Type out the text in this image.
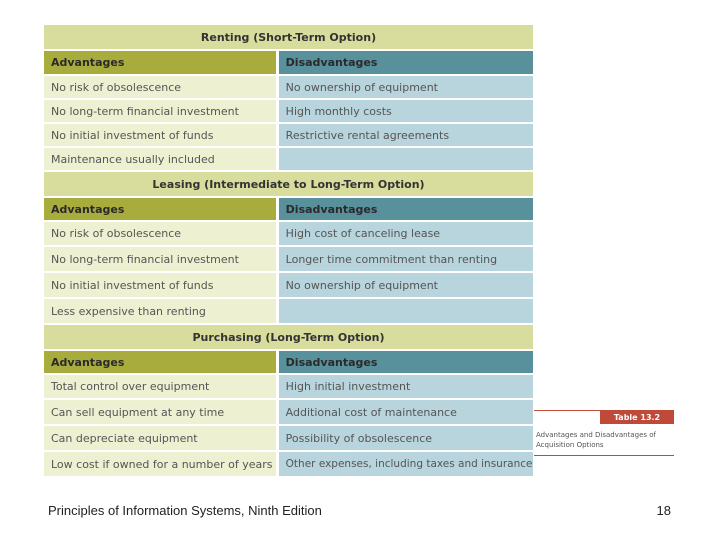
Renting (Short-Term Option)
Advantages	Disadvantages
No risk of obsolescence	No ownership of equipment
No long-term financial investment	High monthly costs
No initial investment of funds	Restrictive rental agreements
Maintenance usually included
Leasing (Intermediate to Long-Term Option)
Advantages	Disadvantages
No risk of obsolescence	High cost of canceling lease
No long-term financial investment	Longer time commitment than renting
No initial investment of funds	No ownership of equipment
Less expensive than renting
Purchasing (Long-Term Option)
Advantages	Disadvantages
Total control over equipment	High initial investment
Can sell equipment at any time	Additional cost of maintenance
Can depreciate equipment	Possibility of obsolescence
Low cost if owned for a number of years	Other expenses, including taxes and insurance
Table 13.2
Advantages and Disadvantages of Acquisition Options
Principles of Information Systems, Ninth Edition	18
